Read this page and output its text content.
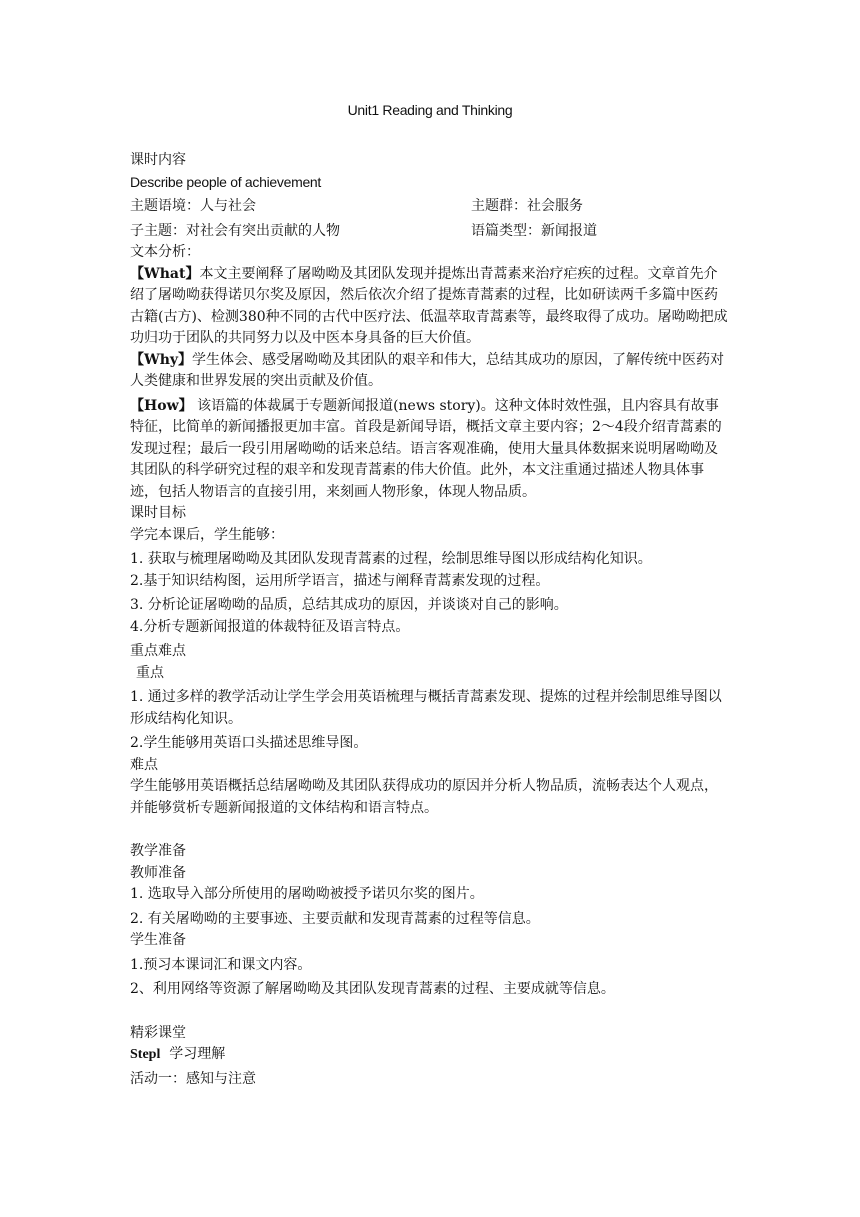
Unit1 Reading and Thinking

课时内容

Describe people of achievement

主题语境：人与社会	主题群：社会服务
子主题：对社会有突出贡献的人物	语篇类型：新闻报道

文本分析：

【What】本文主要阐释了屠呦呦及其团队发现并提炼出青蒿素来治疗疟疾的过程。文章首先介绍了屠呦呦获得诺贝尔奖及原因，然后依次介绍了提炼青蒿素的过程，比如研读两千多篇中医药古籍(古方)、检测380种不同的古代中医疗法、低温萃取青蒿素等，最终取得了成功。屠呦呦把成功归功于团队的共同努力以及中医本身具备的巨大价值。

【Why】学生体会、感受屠呦呦及其团队的艰辛和伟大，总结其成功的原因，了解传统中医药对人类健康和世界发展的突出贡献及价值。

【How】 该语篇的体裁属于专题新闻报道(news story)。这种文体时效性强，且内容具有故事特征，比简单的新闻播报更加丰富。首段是新闻导语，概括文章主要内容；2～4段介绍青蒿素的发现过程；最后一段引用屠呦呦的话来总结。语言客观准确，使用大量具体数据来说明屠呦呦及其团队的科学研究过程的艰辛和发现青蒿素的伟大价值。此外，本文注重通过描述人物具体事迹，包括人物语言的直接引用，来刻画人物形象，体现人物品质。

课时目标

学完本课后，学生能够：

1. 获取与梳理屠呦呦及其团队发现青蒿素的过程，绘制思维导图以形成结构化知识。

2.基于知识结构图，运用所学语言，描述与阐释青蒿素发现的过程。

3. 分析论证屠呦呦的品质，总结其成功的原因，并谈谈对自己的影响。

4.分析专题新闻报道的体裁特征及语言特点。

重点难点

重点

1. 通过多样的教学活动让学生学会用英语梳理与概括青蒿素发现、提炼的过程并绘制思维导图以形成结构化知识。

2.学生能够用英语口头描述思维导图。

难点

学生能够用英语概括总结屠呦呦及其团队获得成功的原因并分析人物品质，流畅表达个人观点，并能够赏析专题新闻报道的文体结构和语言特点。

教学准备

教师准备

1. 选取导入部分所使用的屠呦呦被授予诺贝尔奖的图片。

2. 有关屠呦呦的主要事迹、主要贡献和发现青蒿素的过程等信息。

学生准备

1.预习本课词汇和课文内容。

2、利用网络等资源了解屠呦呦及其团队发现青蒿素的过程、主要成就等信息。

精彩课堂

Stepl 学习理解

活动一：感知与注意
